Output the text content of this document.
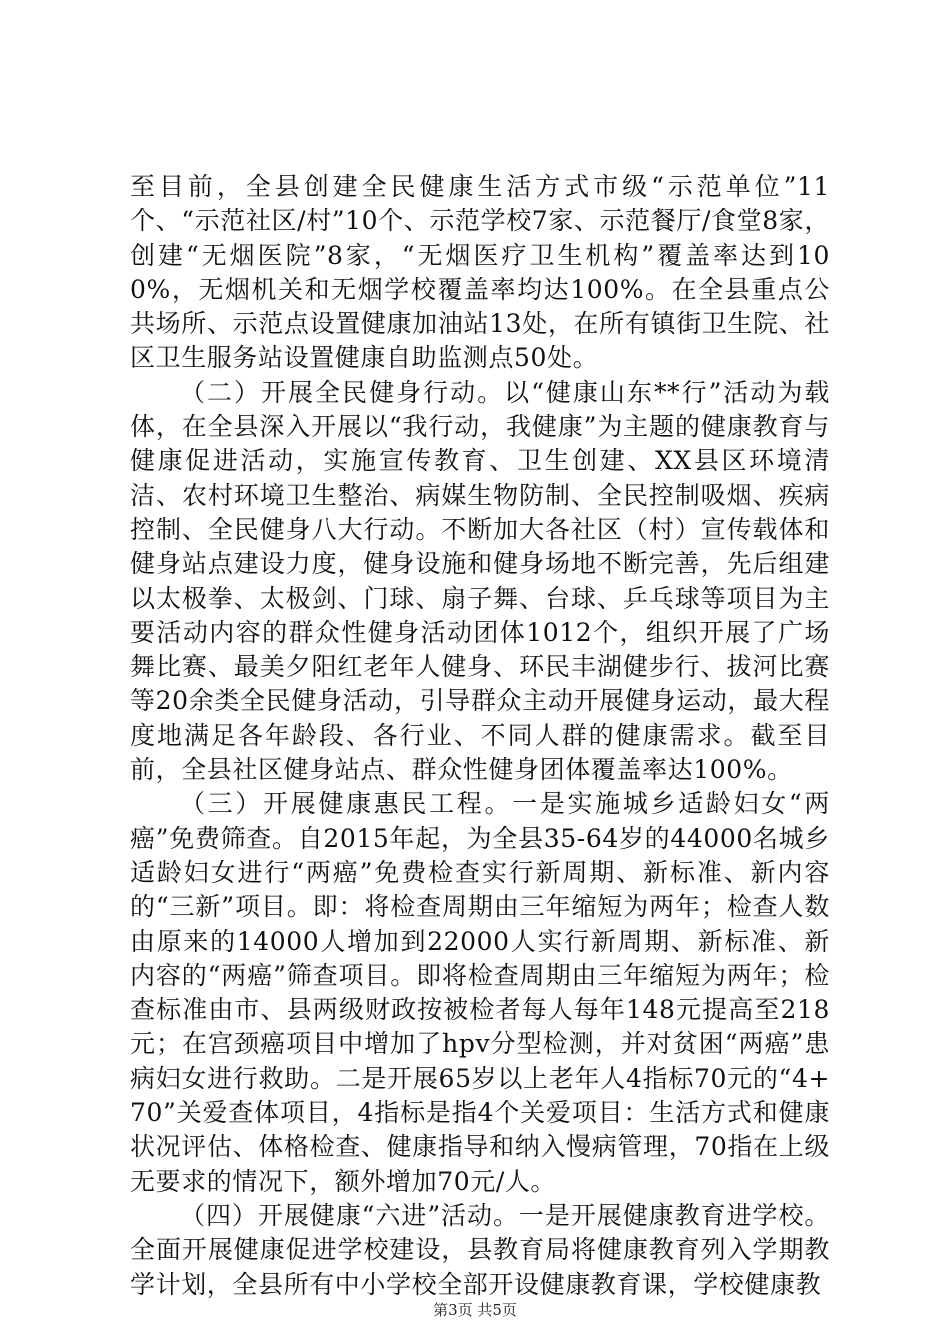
至目前，全县创建全民健康生活方式市级“示范单位”11个、“示范社区/村”10个、示范学校7家、示范餐厅/食堂8家，创建“无烟医院”8家，“无烟医疗卫生机构”覆盖率达到100%，无烟机关和无烟学校覆盖率均达100%。在全县重点公共场所、示范点设置健康加油站13处，在所有镇街卫生院、社区卫生服务站设置健康自助监测点50处。

（二）开展全民健身行动。以“健康山东**行”活动为载体，在全县深入开展以“我行动，我健康”为主题的健康教育与健康促进活动，实施宣传教育、卫生创建、XX县区环境清洁、农村环境卫生整治、病媒生物防制、全民控制吸烟、疾病控制、全民健身八大行动。不断加大各社区（村）宣传载体和健身站点建设力度，健身设施和健身场地不断完善，先后组建以太极拳、太极剑、门球、扇子舞、台球、乒乓球等项目为主要活动内容的群众性健身活动团体1012个，组织开展了广场舞比赛、最美夕阳红老年人健身、环民丰湖健步行、拔河比赛等20余类全民健身活动，引导群众主动开展健身运动，最大程度地满足各年龄段、各行业、不同人群的健康需求。截至目前，全县社区健身站点、群众性健身团体覆盖率达100%。

（三）开展健康惠民工程。一是实施城乡适龄妇女“两癌”免费筛查。自2015年起，为全县35-64岁的44000名城乡适龄妇女进行“两癌”免费检查实行新周期、新标准、新内容的“三新”项目。即：将检查周期由三年缩短为两年；检查人数由原来的14000人增加到22000人实行新周期、新标准、新内容的“两癌”筛查项目。即将检查周期由三年缩短为两年；检查标准由市、县两级财政按被检者每人每年148元提高至218元；在宫颈癌项目中增加了hpv分型检测，并对贫困“两癌”患病妇女进行救助。二是开展65岁以上老年人4指标70元的“4+70”关爱查体项目，4指标是指4个关爱项目：生活方式和健康状况评估、体格检查、健康指导和纳入慢病管理，70指在上级无要求的情况下，额外增加70元/人。

（四）开展健康“六进”活动。一是开展健康教育进学校。全面开展健康促进学校建设，县教育局将健康教育列入学期教学计划，全县所有中小学校全部开设健康教育课，学校健康教

第3页 共5页
